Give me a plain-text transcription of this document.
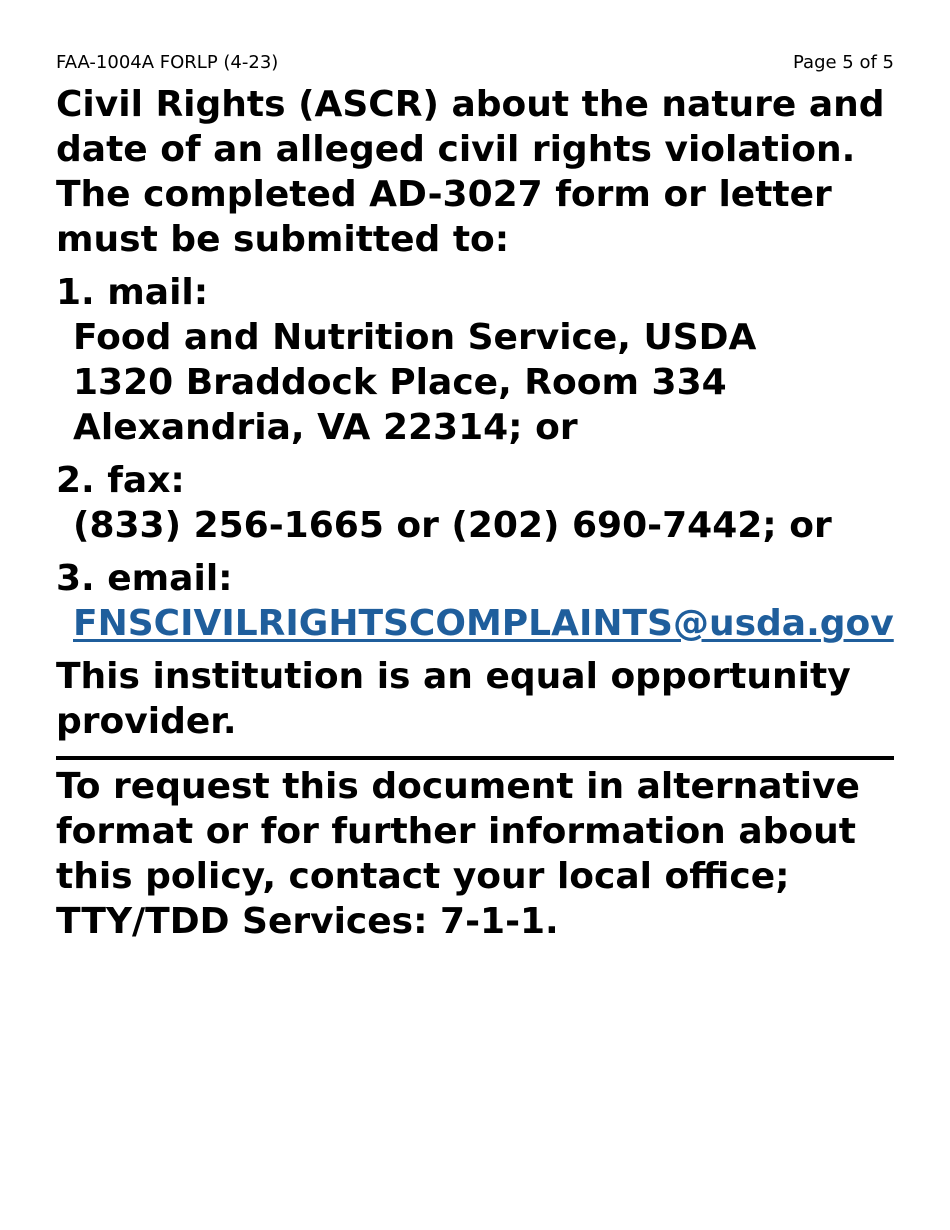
FAA-1004A FORLP (4-23)	Page 5 of 5

Civil Rights (ASCR) about the nature and date of an alleged civil rights violation. The completed AD-3027 form or letter must be submitted to:

1. mail:

Food and Nutrition Service, USDA

1320 Braddock Place, Room 334

Alexandria, VA 22314; or

2. fax:

(833) 256-1665 or (202) 690-7442; or

3. email:

FNSCIVILRIGHTSCOMPLAINTS@usda.gov

This institution is an equal opportunity provider.

To request this document in alternative format or for further information about this policy, contact your local office; TTY/TDD Services: 7-1-1.
